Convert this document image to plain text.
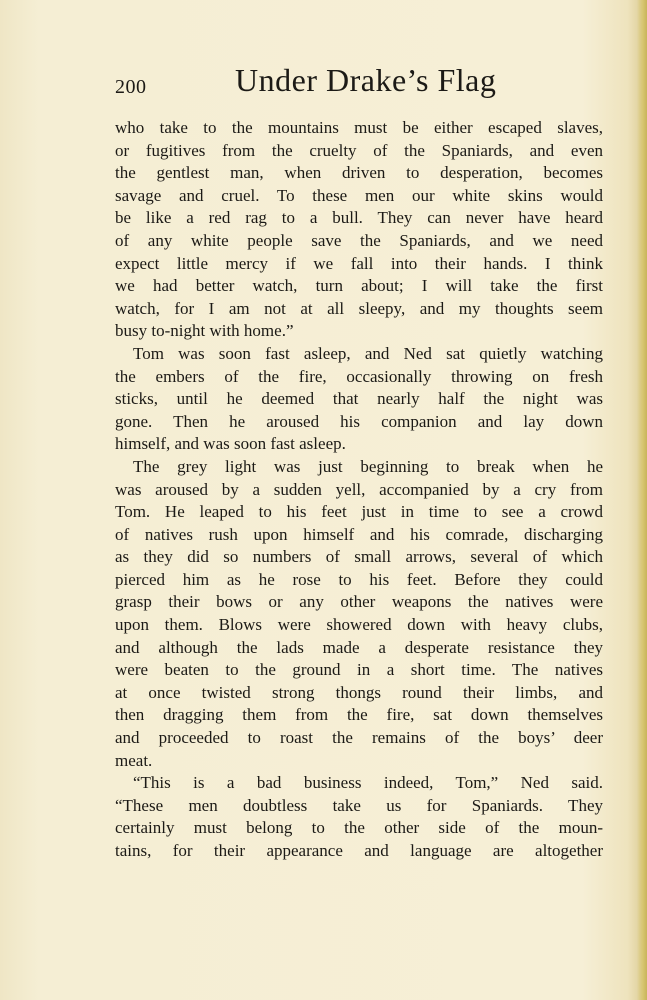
200	Under Drake’s Flag
who take to the mountains must be either escaped slaves,
or fugitives from the cruelty of the Spaniards, and even
the gentlest man, when driven to desperation, becomes
savage and cruel. To these men our white skins would
be like a red rag to a bull. They can never have heard
of any white people save the Spaniards, and we need
expect little mercy if we fall into their hands. I think
we had better watch, turn about; I will take the first
watch, for I am not at all sleepy, and my thoughts seem
busy to-night with home.”
Tom was soon fast asleep, and Ned sat quietly watching
the embers of the fire, occasionally throwing on fresh
sticks, until he deemed that nearly half the night was
gone. Then he aroused his companion and lay down
himself, and was soon fast asleep.
The grey light was just beginning to break when he
was aroused by a sudden yell, accompanied by a cry from
Tom. He leaped to his feet just in time to see a crowd
of natives rush upon himself and his comrade, discharging
as they did so numbers of small arrows, several of which
pierced him as he rose to his feet. Before they could
grasp their bows or any other weapons the natives were
upon them. Blows were showered down with heavy clubs,
and although the lads made a desperate resistance they
were beaten to the ground in a short time. The natives
at once twisted strong thongs round their limbs, and
then dragging them from the fire, sat down themselves
and proceeded to roast the remains of the boys’ deer
meat.
“This is a bad business indeed, Tom,” Ned said.
“These men doubtless take us for Spaniards. They
certainly must belong to the other side of the moun-
tains, for their appearance and language are altogether
